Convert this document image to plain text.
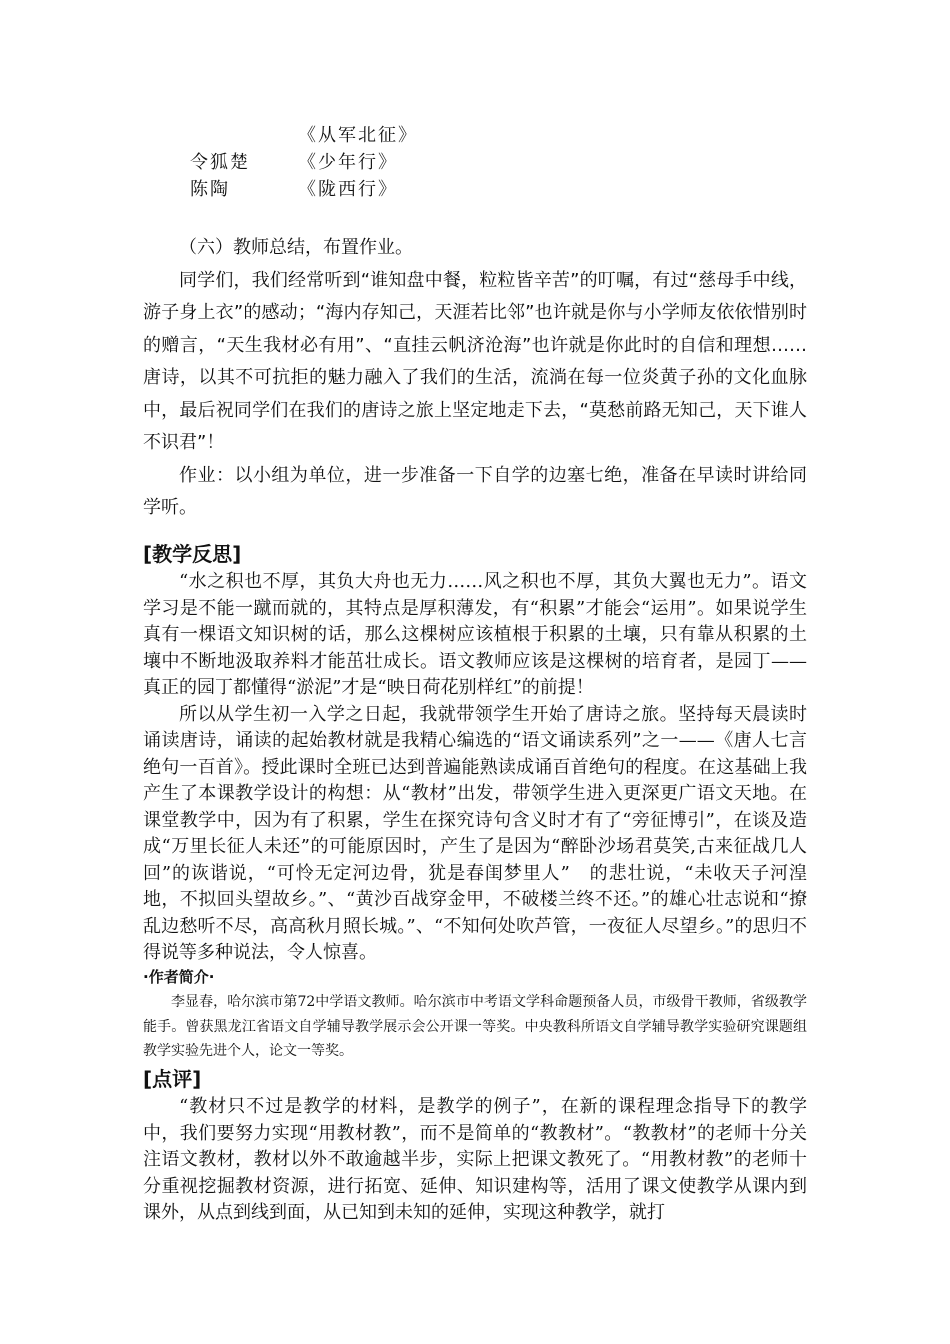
《从军北征》
令狐楚	《少年行》
陈陶	《陇西行》

（六）教师总结，布置作业。

同学们，我们经常听到“谁知盘中餐，粒粒皆辛苦”的叮嘱，有过“慈母手中线，游子身上衣”的感动；“海内存知己，天涯若比邻”也许就是你与小学师友依依惜别时的赠言，“天生我材必有用”、“直挂云帆济沧海”也许就是你此时的自信和理想……唐诗，以其不可抗拒的魅力融入了我们的生活，流淌在每一位炎黄子孙的文化血脉中，最后祝同学们在我们的唐诗之旅上坚定地走下去，“莫愁前路无知己，天下谁人不识君”！

作业：以小组为单位，进一步准备一下自学的边塞七绝，准备在早读时讲给同学听。

[教学反思]

“水之积也不厚，其负大舟也无力……风之积也不厚，其负大翼也无力”。语文学习是不能一蹴而就的，其特点是厚积薄发，有“积累”才能会“运用”。如果说学生真有一棵语文知识树的话，那么这棵树应该植根于积累的土壤，只有靠从积累的土壤中不断地汲取养料才能茁壮成长。语文教师应该是这棵树的培育者，是园丁——真正的园丁都懂得“淤泥”才是“映日荷花别样红”的前提！

所以从学生初一入学之日起，我就带领学生开始了唐诗之旅。坚持每天晨读时诵读唐诗，诵读的起始教材就是我精心编选的“语文诵读系列”之一——《唐人七言绝句一百首》。授此课时全班已达到普遍能熟读成诵百首绝句的程度。在这基础上我产生了本课教学设计的构想：从“教材”出发，带领学生进入更深更广语文天地。在课堂教学中，因为有了积累，学生在探究诗句含义时才有了“旁征博引”，在谈及造成“万里长征人未还”的可能原因时，产生了是因为“醉卧沙场君莫笑,古来征战几人回”的诙谐说，“可怜无定河边骨，犹是春闺梦里人”　的悲壮说，“未收天子河湟地，不拟回头望故乡。”、“黄沙百战穿金甲，不破楼兰终不还。”的雄心壮志说和“撩乱边愁听不尽，高高秋月照长城。”、“不知何处吹芦管，一夜征人尽望乡。”的思归不得说等多种说法，令人惊喜。

·作者简介·

李显春，哈尔滨市第72中学语文教师。哈尔滨市中考语文学科命题预备人员，市级骨干教师，省级教学能手。曾获黑龙江省语文自学辅导教学展示会公开课一等奖。中央教科所语文自学辅导教学实验研究课题组教学实验先进个人，论文一等奖。

[点评]

“教材只不过是教学的材料，是教学的例子”，在新的课程理念指导下的教学中，我们要努力实现“用教材教”，而不是简单的“教教材”。“教教材”的老师十分关注语文教材，教材以外不敢逾越半步，实际上把课文教死了。“用教材教”的老师十分重视挖掘教材资源，进行拓宽、延伸、知识建构等，活用了课文使教学从课内到课外，从点到线到面，从已知到未知的延伸，实现这种教学，就打
